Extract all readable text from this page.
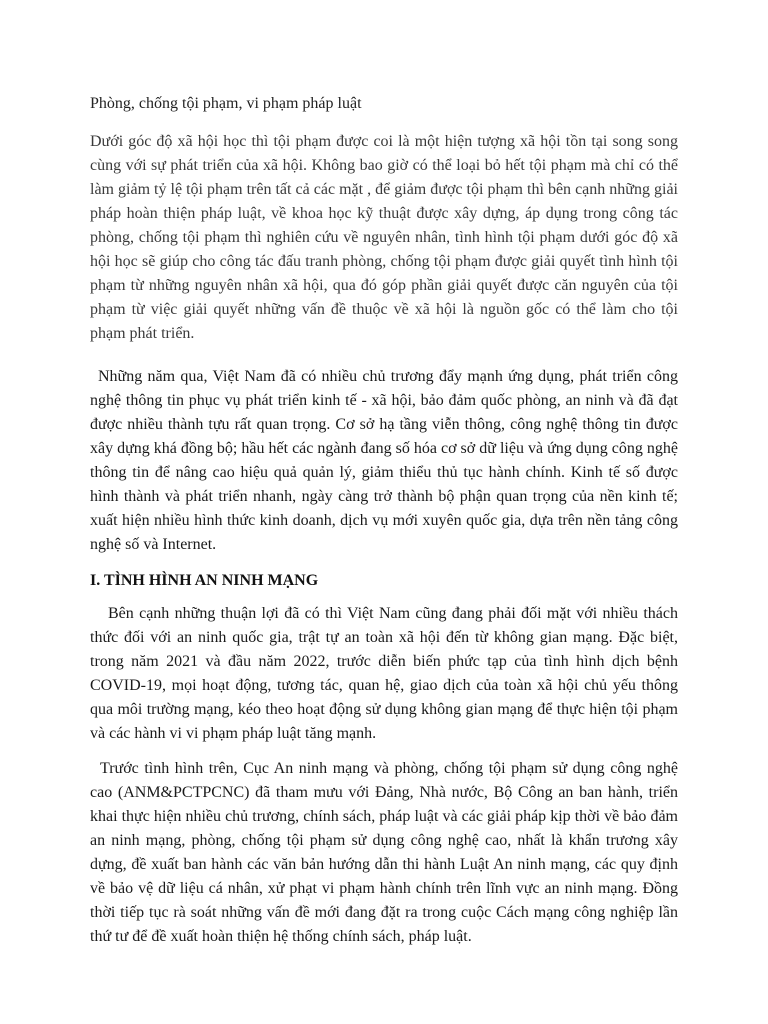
Phòng, chống tội phạm, vi phạm pháp luật

Dưới góc độ xã hội học thì tội phạm được coi là một hiện tượng xã hội tồn tại song song cùng với sự phát triển của xã hội. Không bao giờ có thể loại bỏ hết tội phạm mà chỉ có thể làm giảm tỷ lệ tội phạm trên tất cả các mặt , để giảm được tội phạm thì bên cạnh những giải pháp hoàn thiện pháp luật, về khoa học kỹ thuật được xây dựng, áp dụng trong công tác phòng, chống tội phạm thì nghiên cứu về nguyên nhân, tình hình tội phạm dưới góc độ xã hội học sẽ giúp cho công tác đấu tranh phòng, chống tội phạm được giải quyết tình hình tội phạm từ những nguyên nhân xã hội, qua đó góp phần giải quyết được căn nguyên của tội phạm từ việc giải quyết những vấn đề thuộc về xã hội là nguồn gốc có thể làm cho tội phạm phát triển.

Những năm qua, Việt Nam đã có nhiều chủ trương đẩy mạnh ứng dụng, phát triển công nghệ thông tin phục vụ phát triển kinh tế - xã hội, bảo đảm quốc phòng, an ninh và đã đạt được nhiều thành tựu rất quan trọng. Cơ sở hạ tầng viễn thông, công nghệ thông tin được xây dựng khá đồng bộ; hầu hết các ngành đang số hóa cơ sở dữ liệu và ứng dụng công nghệ thông tin để nâng cao hiệu quả quản lý, giảm thiểu thủ tục hành chính. Kinh tế số được hình thành và phát triển nhanh, ngày càng trở thành bộ phận quan trọng của nền kinh tế; xuất hiện nhiều hình thức kinh doanh, dịch vụ mới xuyên quốc gia, dựa trên nền tảng công nghệ số và Internet.

I. TÌNH HÌNH AN NINH MẠNG

Bên cạnh những thuận lợi đã có thì Việt Nam cũng đang phải đối mặt với nhiều thách thức đối với an ninh quốc gia, trật tự an toàn xã hội đến từ không gian mạng. Đặc biệt, trong năm 2021 và đầu năm 2022, trước diễn biến phức tạp của tình hình dịch bệnh COVID-19, mọi hoạt động, tương tác, quan hệ, giao dịch của toàn xã hội chủ yếu thông qua môi trường mạng, kéo theo hoạt động sử dụng không gian mạng để thực hiện tội phạm và các hành vi vi phạm pháp luật tăng mạnh.

Trước tình hình trên, Cục An ninh mạng và phòng, chống tội phạm sử dụng công nghệ cao (ANM&PCTPCNC) đã tham mưu với Đảng, Nhà nước, Bộ Công an ban hành, triển khai thực hiện nhiều chủ trương, chính sách, pháp luật và các giải pháp kịp thời về bảo đảm an ninh mạng, phòng, chống tội phạm sử dụng công nghệ cao, nhất là khẩn trương xây dựng, đề xuất ban hành các văn bản hướng dẫn thi hành Luật An ninh mạng, các quy định về bảo vệ dữ liệu cá nhân, xử phạt vi phạm hành chính trên lĩnh vực an ninh mạng. Đồng thời tiếp tục rà soát những vấn đề mới đang đặt ra trong cuộc Cách mạng công nghiệp lần thứ tư để đề xuất hoàn thiện hệ thống chính sách, pháp luật.
